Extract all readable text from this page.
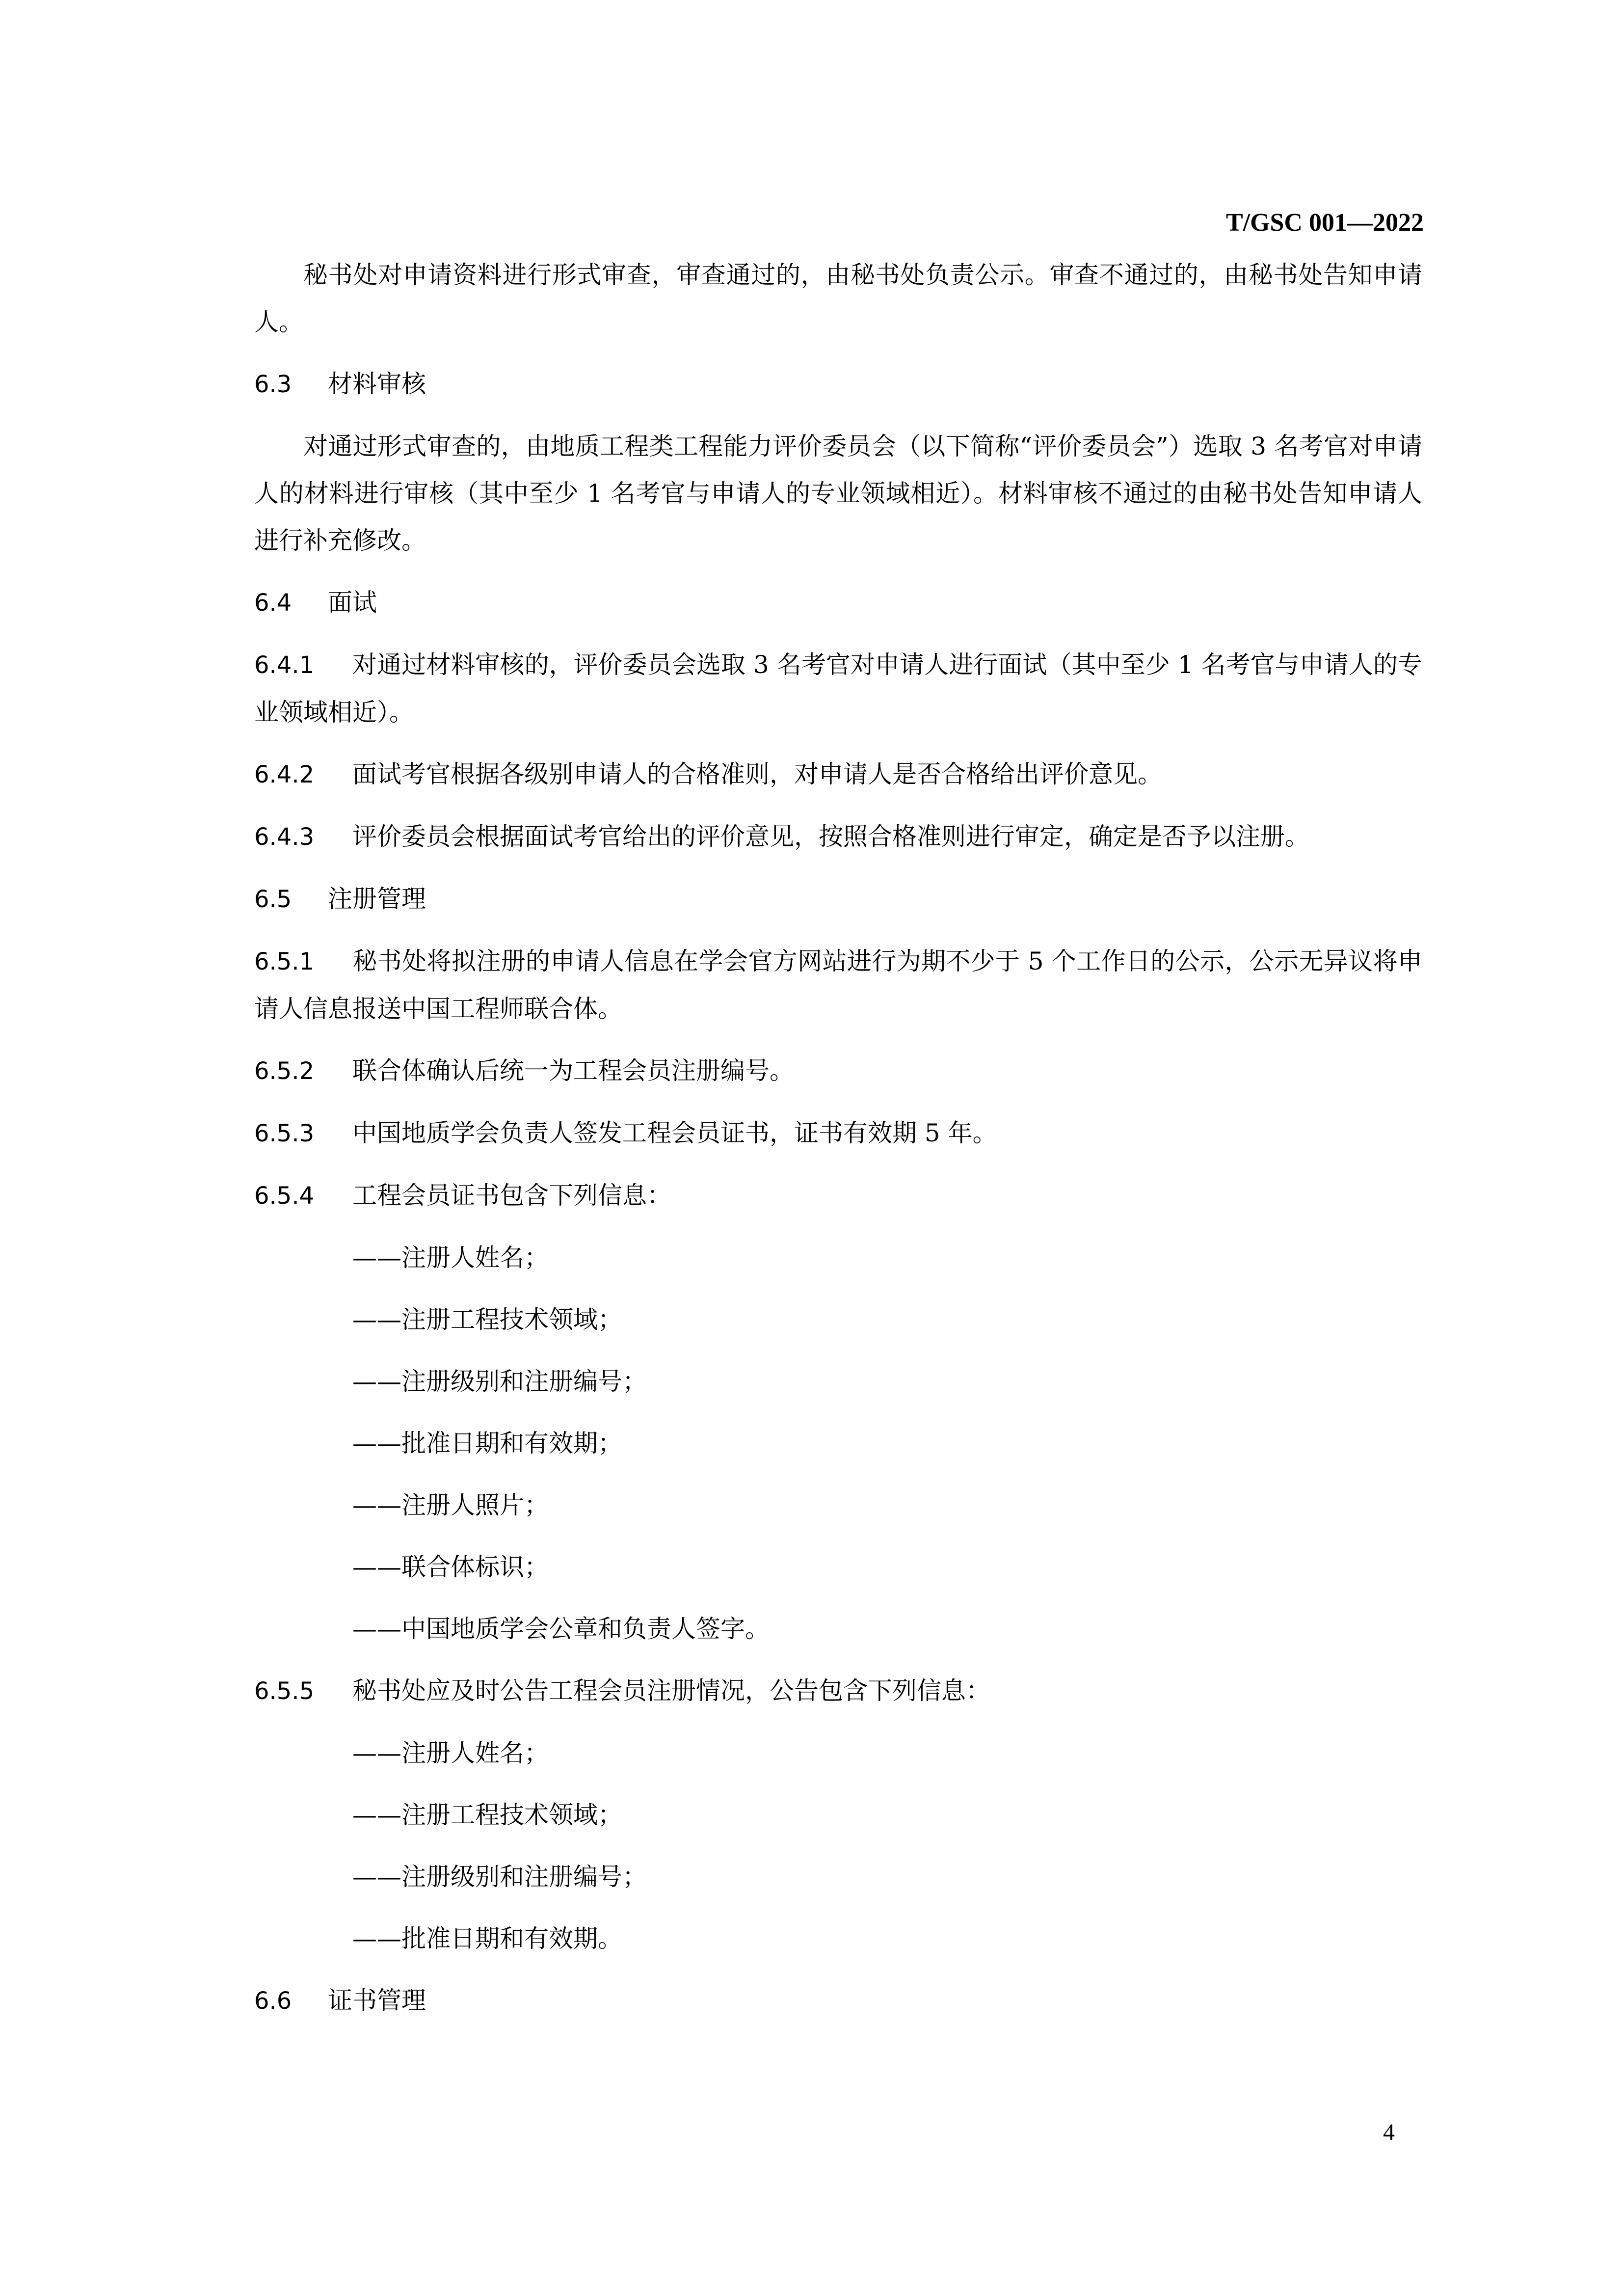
T/GSC 001—2022

秘书处对申请资料进行形式审查，审查通过的，由秘书处负责公示。审查不通过的，由秘书处告知申请人。

6.3 材料审核

对通过形式审查的，由地质工程类工程能力评价委员会（以下简称“评价委员会”）选取 3 名考官对申请人的材料进行审核（其中至少 1 名考官与申请人的专业领域相近）。材料审核不通过的由秘书处告知申请人进行补充修改。

6.4 面试

6.4.1 对通过材料审核的，评价委员会选取 3 名考官对申请人进行面试（其中至少 1 名考官与申请人的专业领域相近）。

6.4.2 面试考官根据各级别申请人的合格准则，对申请人是否合格给出评价意见。

6.4.3 评价委员会根据面试考官给出的评价意见，按照合格准则进行审定，确定是否予以注册。

6.5 注册管理

6.5.1 秘书处将拟注册的申请人信息在学会官方网站进行为期不少于 5 个工作日的公示，公示无异议将申请人信息报送中国工程师联合体。

6.5.2 联合体确认后统一为工程会员注册编号。

6.5.3 中国地质学会负责人签发工程会员证书，证书有效期 5 年。

6.5.4 工程会员证书包含下列信息：

——注册人姓名；
——注册工程技术领域；
——注册级别和注册编号；
——批准日期和有效期；
——注册人照片；
——联合体标识；
——中国地质学会公章和负责人签字。

6.5.5 秘书处应及时公告工程会员注册情况，公告包含下列信息：

——注册人姓名；
——注册工程技术领域；
——注册级别和注册编号；
——批准日期和有效期。
6.6 证书管理
4
